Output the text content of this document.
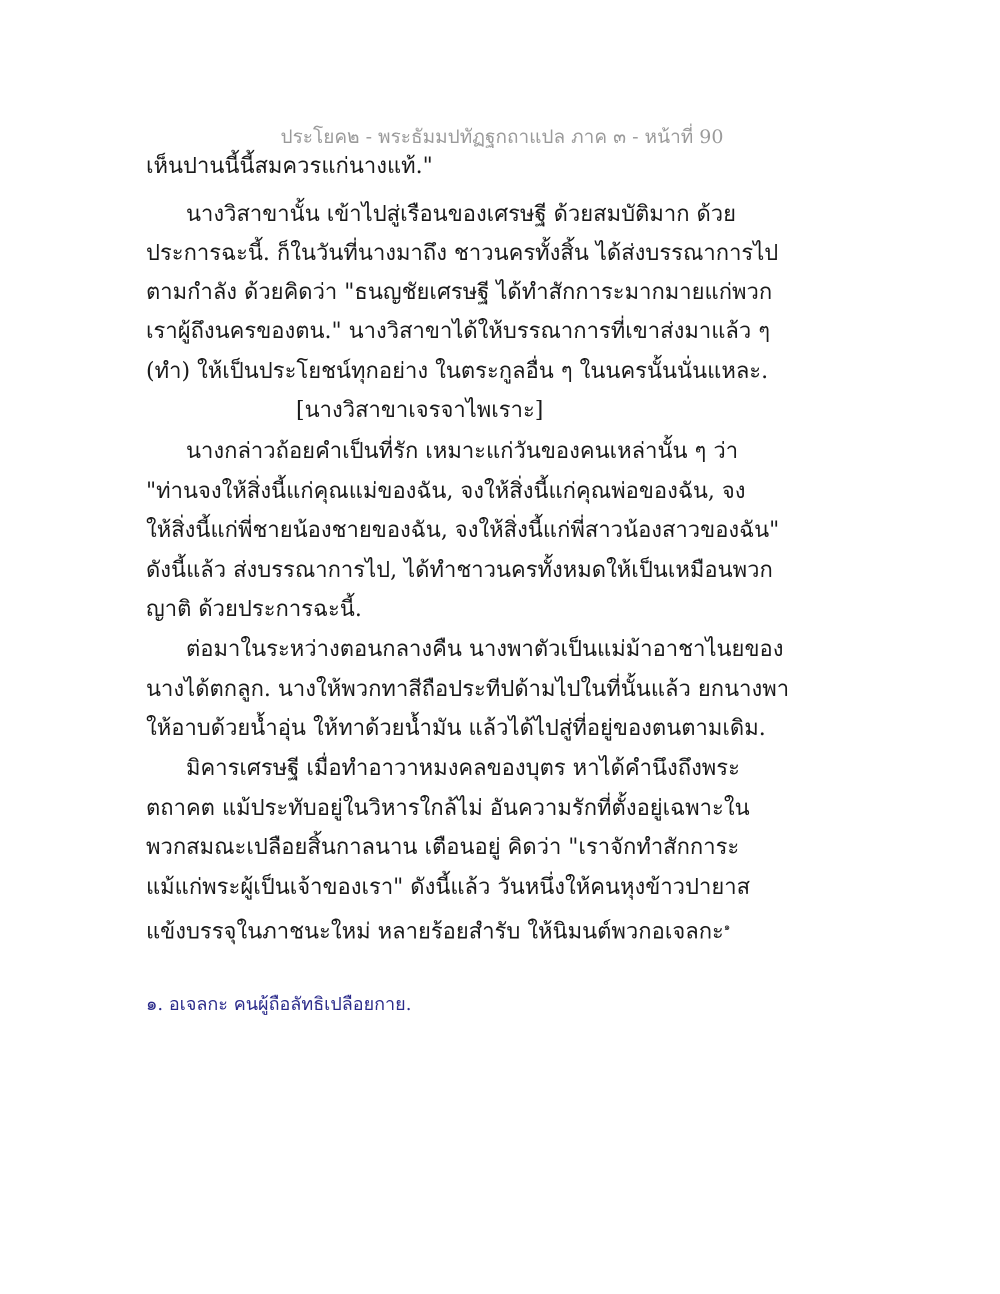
ประโยค๒ - พระธัมมปทัฏฐกถาแปล ภาค ๓ - หน้าที่ 90
เห็นปานนี้นี้สมควรแก่นางแท้."
นางวิสาขานั้น เข้าไปสู่เรือนของเศรษฐี ด้วยสมบัติมาก ด้วย
ประการฉะนี้. ก็ในวันที่นางมาถึง ชาวนครทั้งสิ้น ได้ส่งบรรณาการไป
ตามกำลัง ด้วยคิดว่า "ธนญชัยเศรษฐี ได้ทำสักการะมากมายแก่พวก
เราผู้ถึงนครของตน." นางวิสาขาได้ให้บรรณาการที่เขาส่งมาแล้ว ๆ
(ทำ) ให้เป็นประโยชน์ทุกอย่าง ในตระกูลอื่น ๆ ในนครนั้นนั่นแหละ.
[นางวิสาขาเจรจาไพเราะ]
นางกล่าวถ้อยคำเป็นที่รัก เหมาะแก่วันของคนเหล่านั้น ๆ ว่า
"ท่านจงให้สิ่งนี้แก่คุณแม่ของฉัน, จงให้สิ่งนี้แก่คุณพ่อของฉัน, จง
ให้สิ่งนี้แก่พี่ชายน้องชายของฉัน, จงให้สิ่งนี้แก่พี่สาวน้องสาวของฉัน"
ดังนี้แล้ว ส่งบรรณาการไป, ได้ทำชาวนครทั้งหมดให้เป็นเหมือนพวก
ญาติ ด้วยประการฉะนี้.
ต่อมาในระหว่างตอนกลางคืน นางพาตัวเป็นแม่ม้าอาชาไนยของ
นางได้ตกลูก. นางให้พวกทาสีถือประทีปด้ามไปในที่นั้นแล้ว ยกนางพา
ให้อาบด้วยน้ำอุ่น ให้ทาด้วยน้ำมัน แล้วได้ไปสู่ที่อยู่ของตนตามเดิม.
มิคารเศรษฐี เมื่อทำอาวาหมงคลของบุตร หาได้คำนึงถึงพระ
ตถาคต แม้ประทับอยู่ในวิหารใกล้ไม่ อันความรักที่ตั้งอยู่เฉพาะใน
พวกสมณะเปลือยสิ้นกาลนาน เตือนอยู่ คิดว่า "เราจักทำสักการะ
แม้แก่พระผู้เป็นเจ้าของเรา" ดังนี้แล้ว วันหนึ่งให้คนหุงข้าวปายาส
แข้งบรรจุในภาชนะใหม่ หลายร้อยสำรับ ให้นิมนต์พวกอเจลกะ$^๑$
๑. อเจลกะ คนผู้ถือลัทธิเปลือยกาย.
